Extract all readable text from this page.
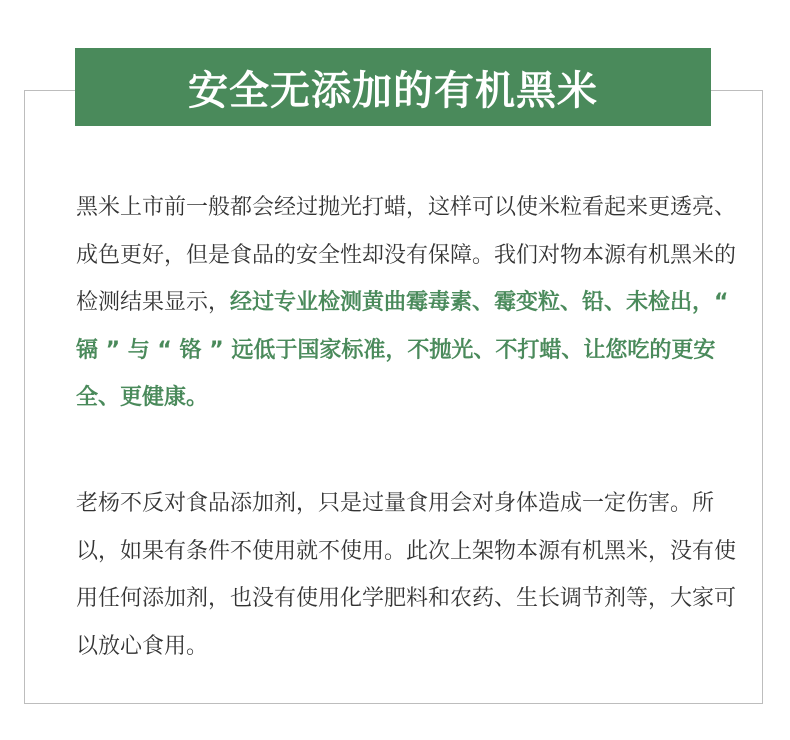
安全无添加的有机黑米

黑米上市前一般都会经过抛光打蜡，这样可以使米粒看起来更透亮、成色更好，但是食品的安全性却没有保障。我们对物本源有机黑米的检测结果显示，经过专业检测黄曲霉毒素、霉变粒、铅、未检出，“ 镉 ” 与 “ 铬 ” 远低于国家标准，不抛光、不打蜡、让您吃的更安全、更健康。

老杨不反对食品添加剂，只是过量食用会对身体造成一定伤害。所以，如果有条件不使用就不使用。此次上架物本源有机黑米，没有使用任何添加剂，也没有使用化学肥料和农药、生长调节剂等，大家可以放心食用。
